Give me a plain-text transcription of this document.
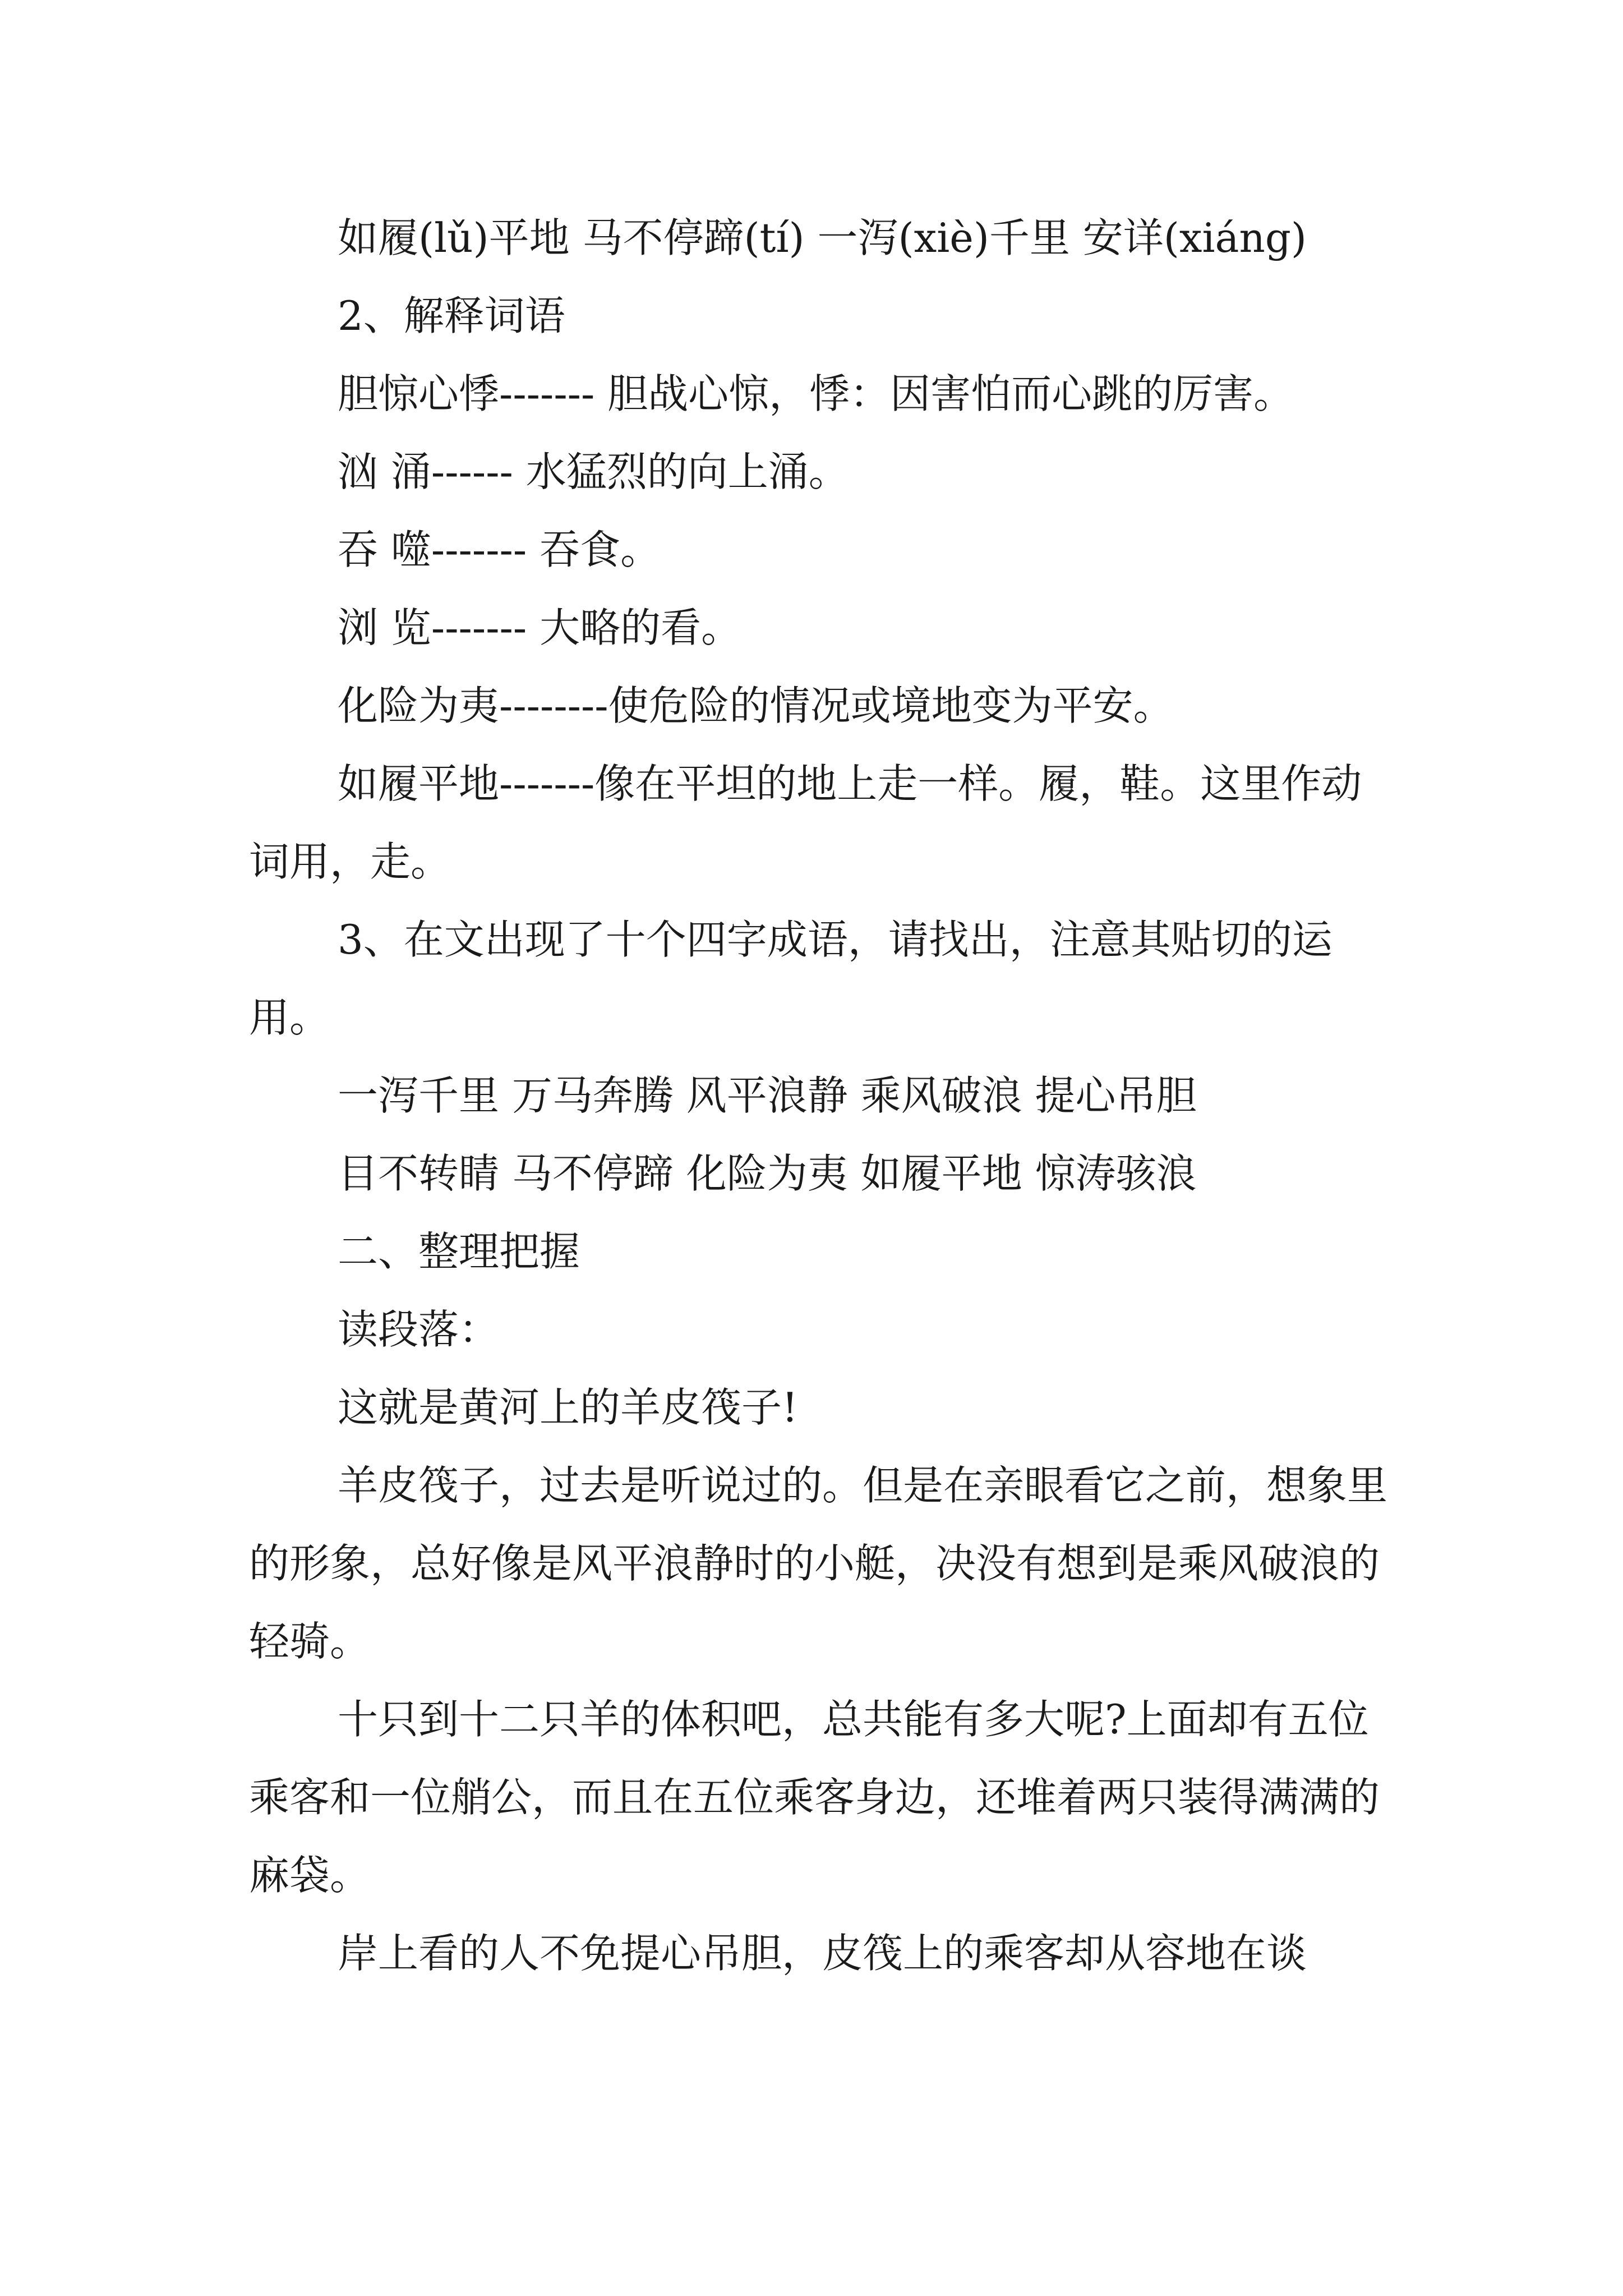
如履(lǔ)平地 马不停蹄(tí) 一泻(xiè)千里 安详(xiáng)

2、解释词语

胆惊心悸------- 胆战心惊，悸：因害怕而心跳的厉害。

汹 涌------ 水猛烈的向上涌。

吞 噬------- 吞食。

浏 览------- 大略的看。

化险为夷--------使危险的情况或境地变为平安。

如履平地-------像在平坦的地上走一样。履，鞋。这里作动词用，走。

3、在文出现了十个四字成语，请找出，注意其贴切的运用。

一泻千里 万马奔腾 风平浪静 乘风破浪 提心吊胆

目不转睛 马不停蹄 化险为夷 如履平地 惊涛骇浪

二、整理把握

读段落：

这就是黄河上的羊皮筏子!

羊皮筏子，过去是听说过的。但是在亲眼看它之前，想象里的形象，总好像是风平浪静时的小艇，决没有想到是乘风破浪的轻骑。

十只到十二只羊的体积吧，总共能有多大呢?上面却有五位乘客和一位艄公，而且在五位乘客身边，还堆着两只装得满满的麻袋。

岸上看的人不免提心吊胆，皮筏上的乘客却从容地在谈
